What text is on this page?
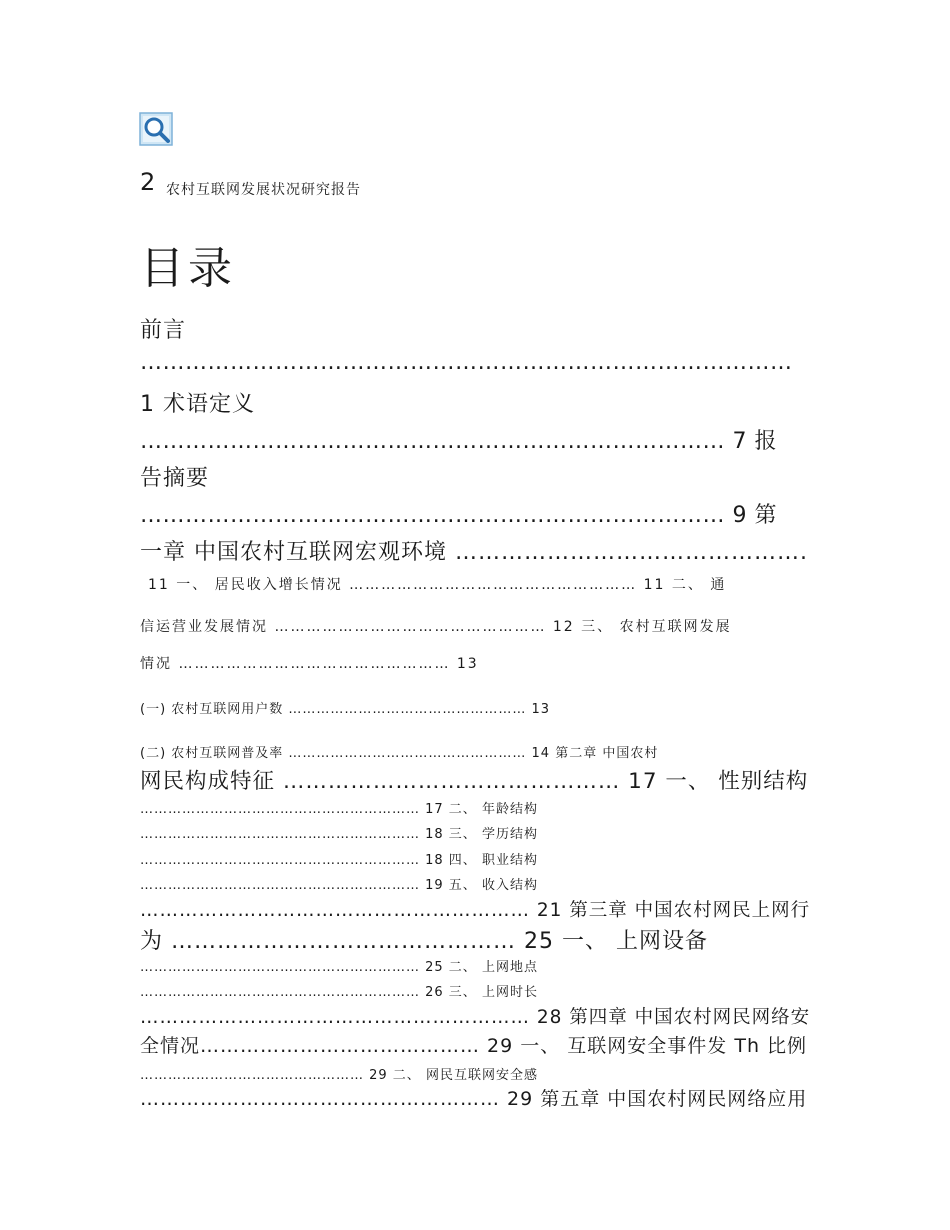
2 农村互联网发展状况研究报告
目录
前言
……………………………………………………………………………
1 术语定义
…………………………………………………………………… 7 报
告摘要
…………………………………………………………………… 9 第
一章 中国农村互联网宏观环境 ……………………………………….
11 一、 居民收入增长情况 ……………………………………………… 11 二、 通
信运营业发展情况 …………………………………………… 12 三、 农村互联网发展
情况 …………………………………………… 13
(一) 农村互联网用户数 …………………………………………… 13
(二) 农村互联网普及率 …………………………………………… 14 第二章 中国农村
网民构成特征 ……………………………………… 17 一、 性别结构
…………………………………………………… 17 二、 年龄结构
…………………………………………………… 18 三、 学历结构
…………………………………………………… 18 四、 职业结构
…………………………………………………… 19 五、 收入结构
…………………………………………………… 21 第三章 中国农村网民上网行
为 ……………………………………… 25 一、 上网设备
…………………………………………………… 25 二、 上网地点
…………………………………………………… 26 三、 上网时长
…………………………………………………… 28 第四章 中国农村网民网络安
全情况…………………………………… 29 一、 互联网安全事件发 Th 比例
………………………………………… 29 二、 网民互联网安全感
……………………………………………… 29 第五章 中国农村网民网络应用
